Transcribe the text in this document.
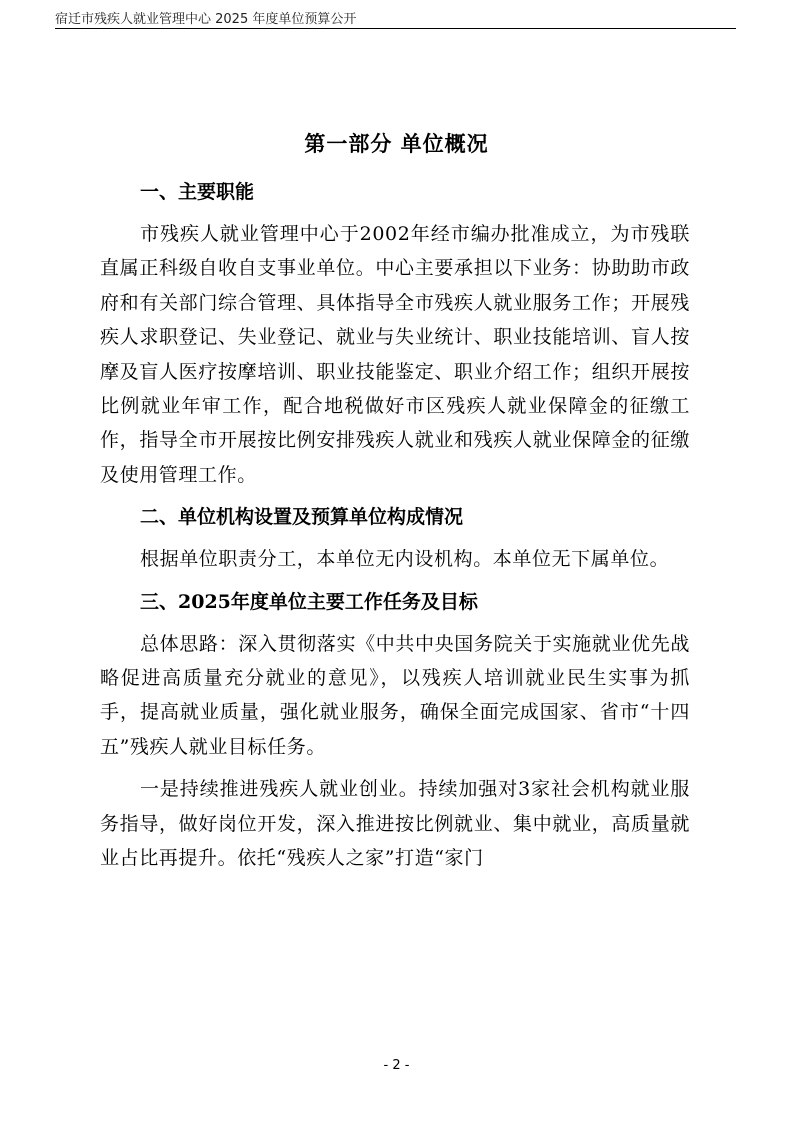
宿迁市残疾人就业管理中心 2025 年度单位预算公开
第一部分 单位概况
一、主要职能

市残疾人就业管理中心于2002年经市编办批准成立，为市残联直属正科级自收自支事业单位。中心主要承担以下业务：协助助市政府和有关部门综合管理、具体指导全市残疾人就业服务工作；开展残疾人求职登记、失业登记、就业与失业统计、职业技能培训、盲人按摩及盲人医疗按摩培训、职业技能鉴定、职业介绍工作；组织开展按比例就业年审工作，配合地税做好市区残疾人就业保障金的征缴工作，指导全市开展按比例安排残疾人就业和残疾人就业保障金的征缴及使用管理工作。

二、单位机构设置及预算单位构成情况

根据单位职责分工，本单位无内设机构。本单位无下属单位。

三、2025年度单位主要工作任务及目标

总体思路：深入贯彻落实《中共中央国务院关于实施就业优先战略促进高质量充分就业的意见》，以残疾人培训就业民生实事为抓手，提高就业质量，强化就业服务，确保全面完成国家、省市“十四五”残疾人就业目标任务。

一是持续推进残疾人就业创业。持续加强对3家社会机构就业服务指导，做好岗位开发，深入推进按比例就业、集中就业，高质量就业占比再提升。依托“残疾人之家”打造“家门

- 2 -
